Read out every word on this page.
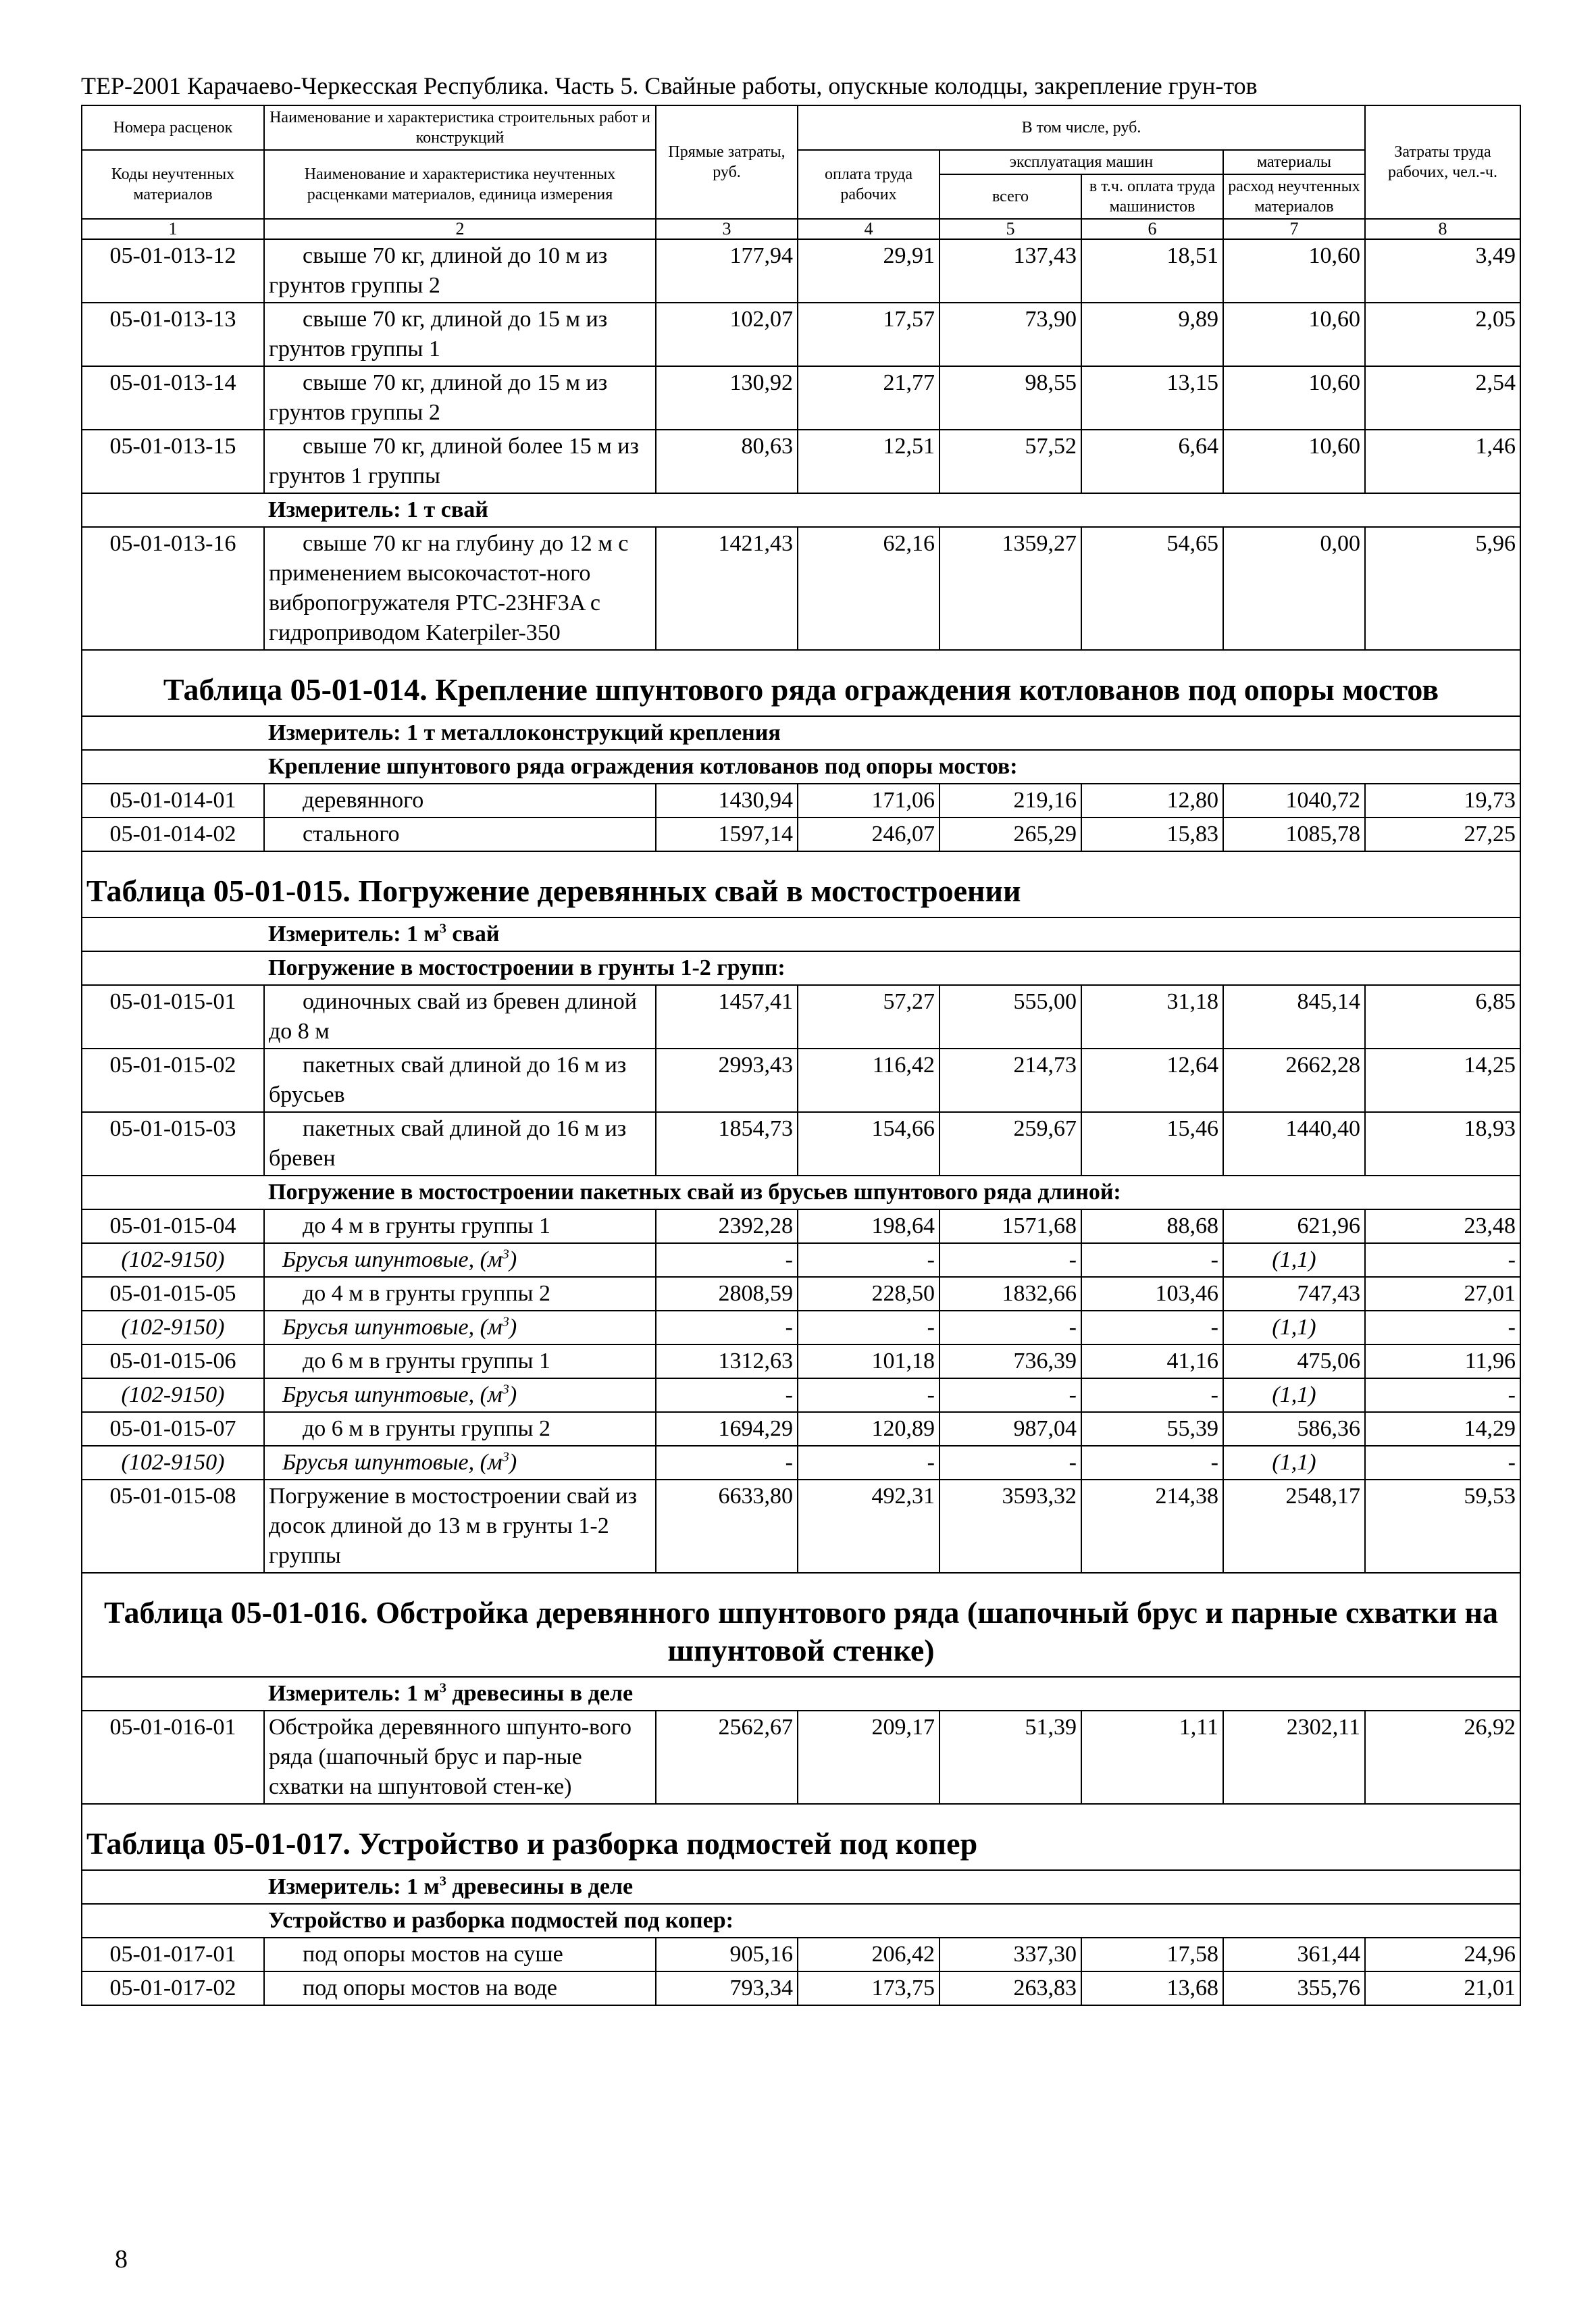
ТЕР-2001 Карачаево-Черкесская Республика. Часть 5. Свайные работы, опускные колодцы, закрепление грун-тов
Номера расценок	Наименование и характеристика строительных работ и конструкций	Прямые затраты, руб.	В том числе, руб.				Затраты труда рабочих, чел.-ч.
Коды неучтенных материалов	Наименование и характеристика неучтенных расценками материалов, единица измерения		оплата труда рабочих	эксплуатация машин		материалы	
				всего	в т.ч. оплата труда машинистов	расход неучтенных материалов	
1	2	3	4	5	6	7	8
05-01-013-12	свыше 70 кг, длиной до 10 м из грунтов группы 2	177,94	29,91	137,43	18,51	10,60	3,49
05-01-013-13	свыше 70 кг, длиной до 15 м из грунтов группы 1	102,07	17,57	73,90	9,89	10,60	2,05
05-01-013-14	свыше 70 кг, длиной до 15 м из грунтов группы 2	130,92	21,77	98,55	13,15	10,60	2,54
05-01-013-15	свыше 70 кг, длиной более 15 м из грунтов 1 группы	80,63	12,51	57,52	6,64	10,60	1,46
	Измеритель: 1 т свай						
05-01-013-16	свыше 70 кг на глубину до 12 м с применением высокочастот-ного вибропогружателя PTC-23HF3A с гидроприводом Katerpiler-350	1421,43	62,16	1359,27	54,65	0,00	5,96
Таблица 05-01-014. Крепление шпунтового ряда ограждения котлованов под опоры мостов							
	Измеритель: 1 т металлоконструкций крепления						
	Крепление шпунтового ряда ограждения котлованов под опоры мостов:						
05-01-014-01	деревянного	1430,94	171,06	219,16	12,80	1040,72	19,73
05-01-014-02	стального	1597,14	246,07	265,29	15,83	1085,78	27,25
Таблица 05-01-015. Погружение деревянных свай в мостостроении							
	Измеритель: 1 $м^3$ свай						
	Погружение в мостостроении в грунты 1-2 групп:						
05-01-015-01	одиночных свай из бревен длиной до 8 м	1457,41	57,27	555,00	31,18	845,14	6,85
05-01-015-02	пакетных свай длиной до 16 м из брусьев	2993,43	116,42	214,73	12,64	2662,28	14,25
05-01-015-03	пакетных свай длиной до 16 м из бревен	1854,73	154,66	259,67	15,46	1440,40	18,93
	Погружение в мостостроении пакетных свай из брусьев шпунтового ряда длиной:						
05-01-015-04	до 4 м в грунты группы 1	2392,28	198,64	1571,68	88,68	621,96	23,48
(102-9150)	Брусья шпунтовые, $(м^3)$	-	-	-	-	(1,1)	-
05-01-015-05	до 4 м в грунты группы 2	2808,59	228,50	1832,66	103,46	747,43	27,01
(102-9150)	Брусья шпунтовые, $(м^3)$	-	-	-	-	(1,1)	-
05-01-015-06	до 6 м в грунты группы 1	1312,63	101,18	736,39	41,16	475,06	11,96
(102-9150)	Брусья шпунтовые, $(м^3)$	-	-	-	-	(1,1)	-
05-01-015-07	до 6 м в грунты группы 2	1694,29	120,89	987,04	55,39	586,36	14,29
(102-9150)	Брусья шпунтовые, $(м^3)$	-	-	-	-	(1,1)	-
05-01-015-08	Погружение в мостостроении свай из досок длиной до 13 м в грунты 1-2 группы	6633,80	492,31	3593,32	214,38	2548,17	59,53
Таблица 05-01-016. Обстройка деревянного шпунтового ряда (шапочный брус и парные схватки на шпунтовой стенке)							
	Измеритель: 1 $м^3$ древесины в деле						
05-01-016-01	Обстройка деревянного шпунто-вого ряда (шапочный брус и пар-ные схватки на шпунтовой стен-ке)	2562,67	209,17	51,39	1,11	2302,11	26,92
Таблица 05-01-017. Устройство и разборка подмостей под копер							
	Измеритель: 1 $м^3$ древесины в деле						
	Устройство и разборка подмостей под копер:						
05-01-017-01	под опоры мостов на суше	905,16	206,42	337,30	17,58	361,44	24,96
05-01-017-02	под опоры мостов на воде	793,34	173,75	263,83	13,68	355,76	21,01
8
